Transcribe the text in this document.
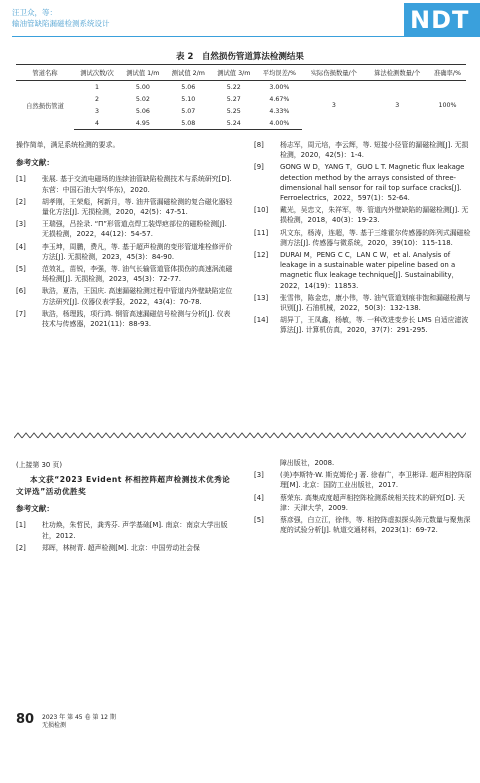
汪卫众，等：
输油管缺陷漏磁检测系统设计	NDT
表 2　自然损伤管道算法检测结果
管道名称	测试次数/次	测试值 1/m	测试值 2/m	测试值 3/m	平均误差/%	实际伤损数量/个	算法检测数量/个	准确率/%
自然损伤管道	1	5.00	5.06	5.22	3.00%	3	3	100%
	2	5.02	5.10	5.27	4.67%			
	3	5.06	5.07	5.25	4.33%			
	4	4.95	5.08	5.24	4.00%			
操作简单，满足系统检测的要求。
参考文献：
[1]	张展. 基于交流电磁场的连续油管缺陷检测技术与系统研究[D]. 东营：中国石油大学(华东)，2020.
[2]	胡孝刚，王荣彪，柯新月，等. 油井管漏磁检测的复合磁化器轻量化方法[J]. 无损检测，2020，42(5)：47-51.
[3]	王瑞强，吕拴录. “Π”形管道点焊工装焊疤部位的磁粉检测[J]. 无损检测，2022，44(12)：54-57.
[4]	李玉坤，周鹏，费凡，等. 基于超声检测的变形管道堆栓修评价方法[J]. 无损检测，2023，45(3)：84-90.
[5]	范效礼，苗锐，李强，等. 油气长输管道管体损伤的高速涡流磁场检测[J]. 无损检测，2023，45(3)：72-77.
[6]	耿浩，夏浩，王国庆. 高速漏磁检测过程中管道内外壁缺陷定位方法研究[J]. 仪器仪表学报，2022，43(4)：70-78.
[7]	耿浩，杨理践，项行鸿. 钢管高速漏磁信号检测与分析[J]. 仪表技术与传感器，2021(11)：88-93.
[8]	杨志军，周元培，李云辉，等. 短接小径管的漏磁检测[J]. 无损检测，2020，42(5)：1-4.
[9]	GONG W D，YANG T，GUO L T. Magnetic flux leakage detection method by the arrays consisted of three-dimensional hall sensor for rail top surface cracks[J]. Ferroelectrics，2022，597(1)：52-64.
[10]	戴光，吴忠文，朱祥军，等. 管道内外壁缺陷的漏磁检测[J]. 无损检测，2018，40(3)：19-23.
[11]	巩文东，杨涛，连超，等. 基于三维霍尔传感器的阵列式漏磁检测方法[J]. 传感器与微系统，2020，39(10)：115-118.
[12]	DURAI M，PENG C C，LAN C W，et al. Analysis of leakage in a sustainable water pipeline based on a magnetic flux leakage technique[J]. Sustainability，2022，14(19)：11853.
[13]	张雪伟，陈金忠，康小伟，等. 油气管道划痕非饱和漏磁检测与识别[J]. 石油机械，2022，50(3)：132-138.
[14]	胡异丁，王凤鑫，杨敏，等. 一种改进变步长 LMS 自适应滤波算法[J]. 计算机仿真，2020，37(7)：291-295.
(上接第 30 页)
本文获“2023 Evident 杯相控阵超声检测技术优秀论文评选”活动优胜奖
参考文献：
[1]	杜功焕，朱哲民，龚秀芬. 声学基础[M]. 南京：南京大学出版社，2012.
[2]	郑晖，林树青. 超声检测[M]. 北京：中国劳动社会保
障出版社，2008.
[3]	(美)李斯特·W. 斯克姆伦·J 著. 徐春广，李卫彬译. 超声相控阵原理[M]. 北京：国防工业出版社，2017.
[4]	蔡荣东. 高集成度超声相控阵检测系统相关技术的研究[D]. 天津：天津大学，2009.
[5]	蔡彦强，白立江，徐伟，等. 相控阵虚拟探头阵元数量与聚焦深度的试验分析[J]. 轨道交通材料，2023(1)：69-72.
80 2023 年 第 45 卷 第 12 期
无损检测
